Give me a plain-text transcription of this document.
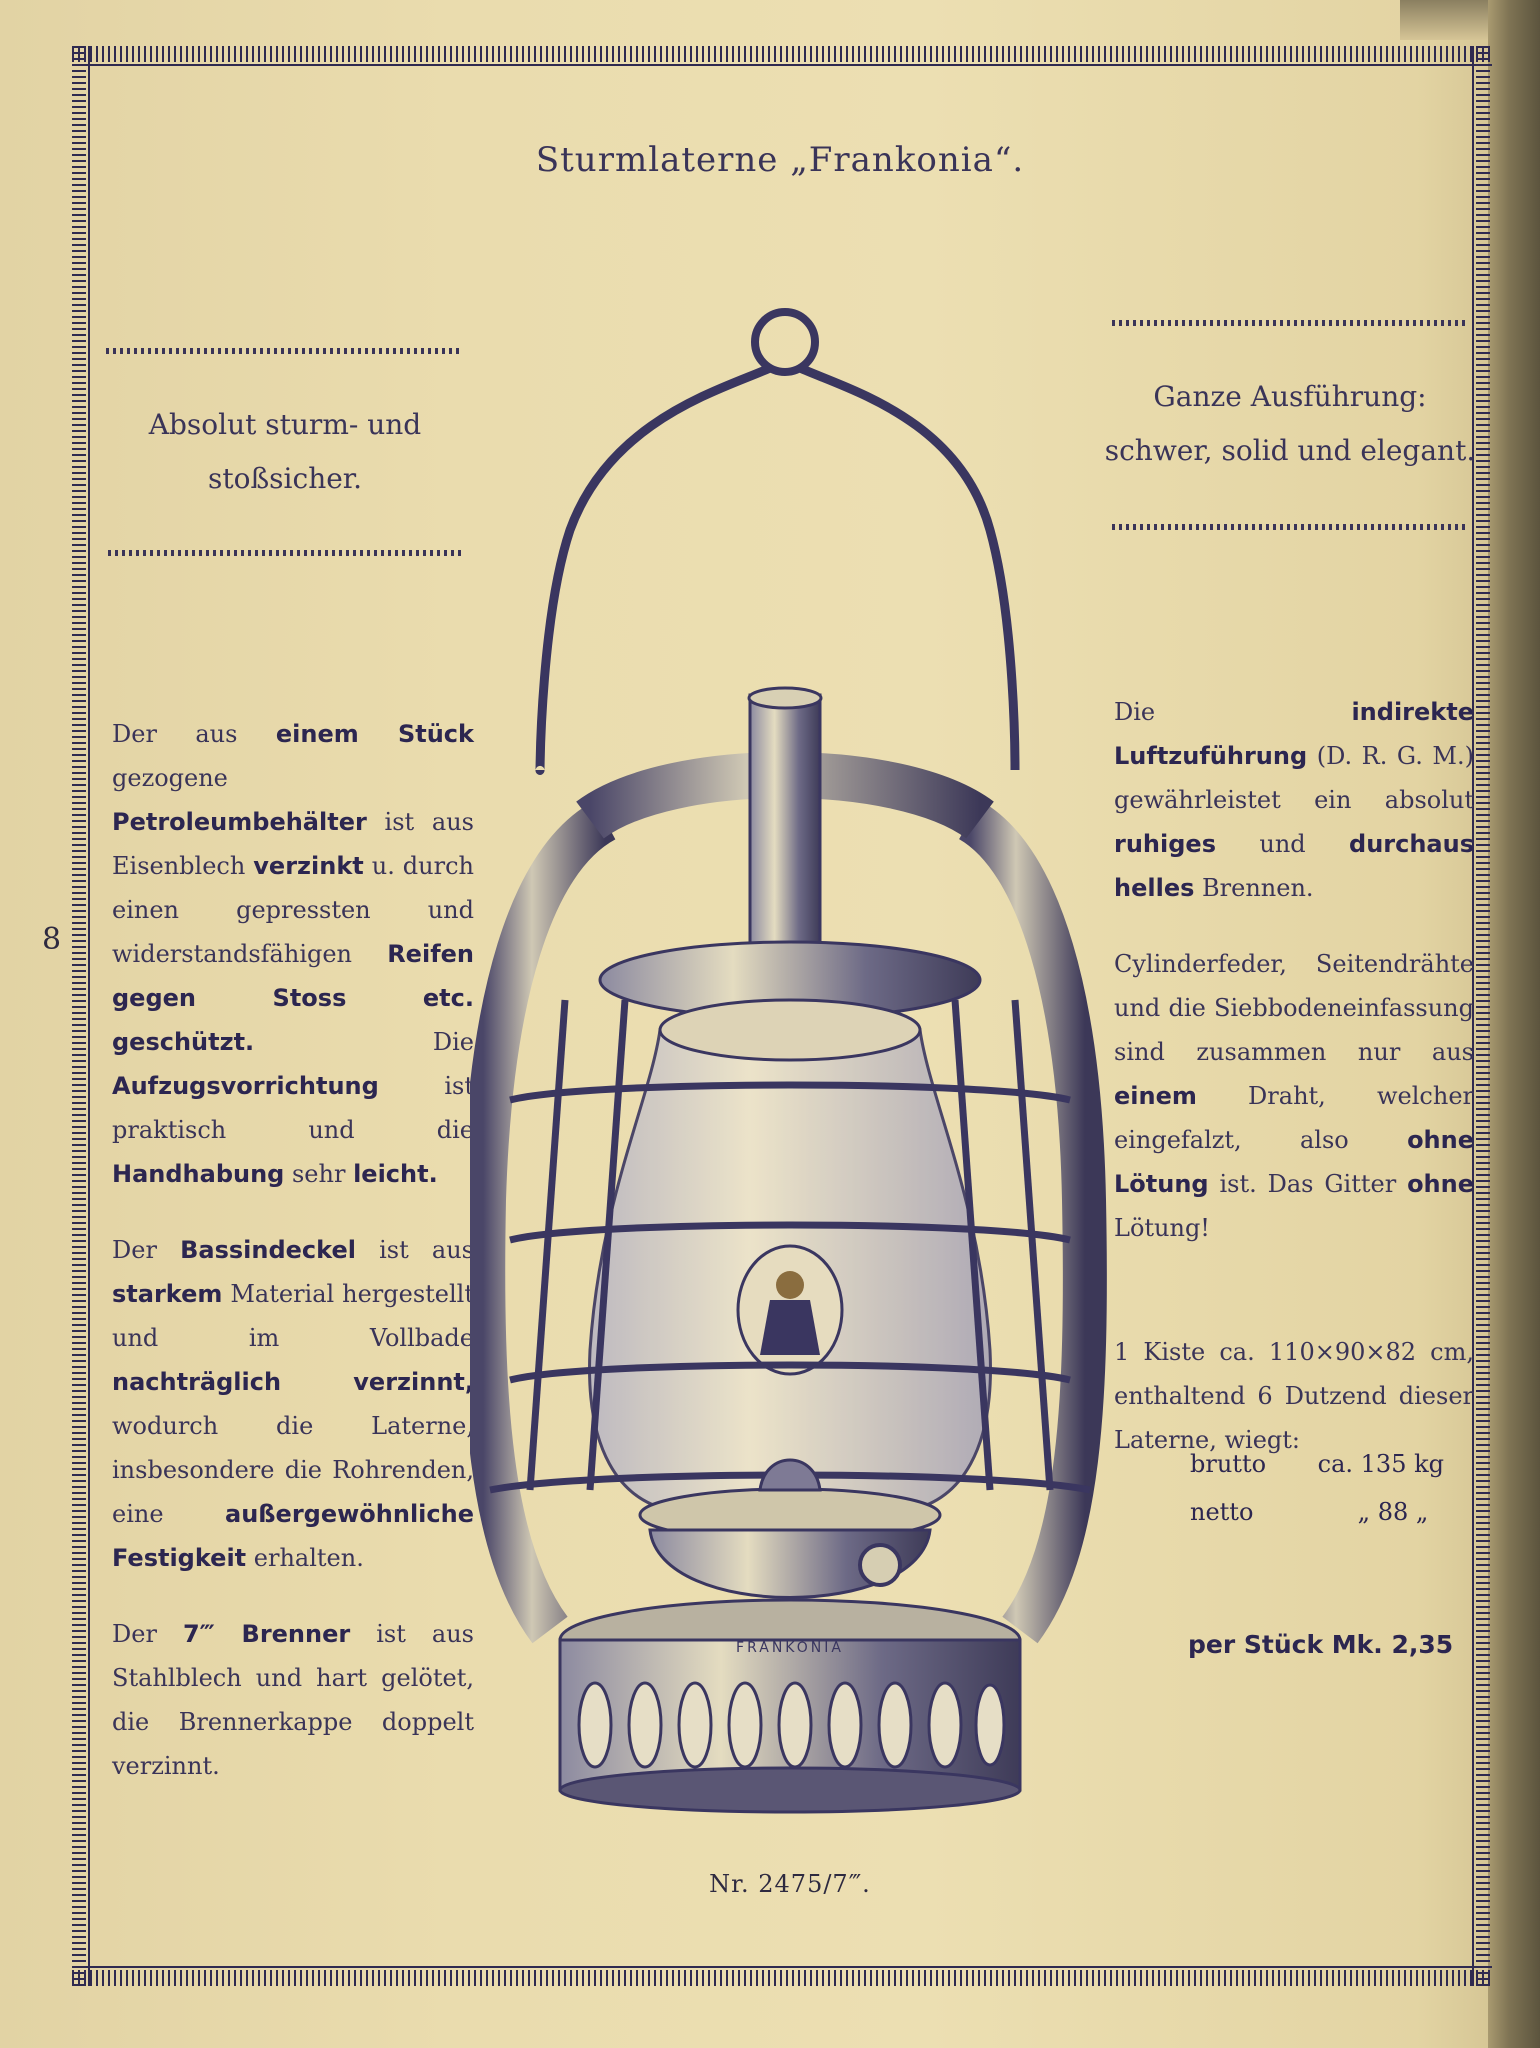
Sturmlaterne „Frankonia“.
Absolut sturm- und
stoßsicher.
Ganze Ausführung:
schwer, solid und elegant.
8

Der aus einem Stück gezogene Petroleumbehälter ist aus Eisenblech verzinkt u. durch einen gepressten und widerstandsfähigen Reifen gegen Stoss etc. geschützt. Die Aufzugsvorrichtung ist praktisch und die Handhabung sehr leicht.

Der Bassindeckel ist aus starkem Material hergestellt und im Vollbade nachträglich verzinnt, wodurch die Laterne, insbesondere die Rohrenden, eine außergewöhnliche Festigkeit erhalten.

Der 7‴ Brenner ist aus Stahlblech und hart gelötet, die Brennerkappe doppelt verzinnt.

Die indirekte Luftzuführung (D. R. G. M.) gewährleistet ein absolut ruhiges und durchaus helles Brennen.

Cylinderfeder, Seitendrähte und die Siebbodeneinfassung sind zusammen nur aus einem Draht, welcher eingefalzt, also ohne Lötung ist. Das Gitter ohne Lötung!

1 Kiste ca. 110×90×82 cm, enthaltend 6 Dutzend dieser Laterne, wiegt:

brutto ca. 135 kg
netto	„ 88 „
per Stück Mk. 2,35
FRANKONIA
Nr. 2475/7‴.
